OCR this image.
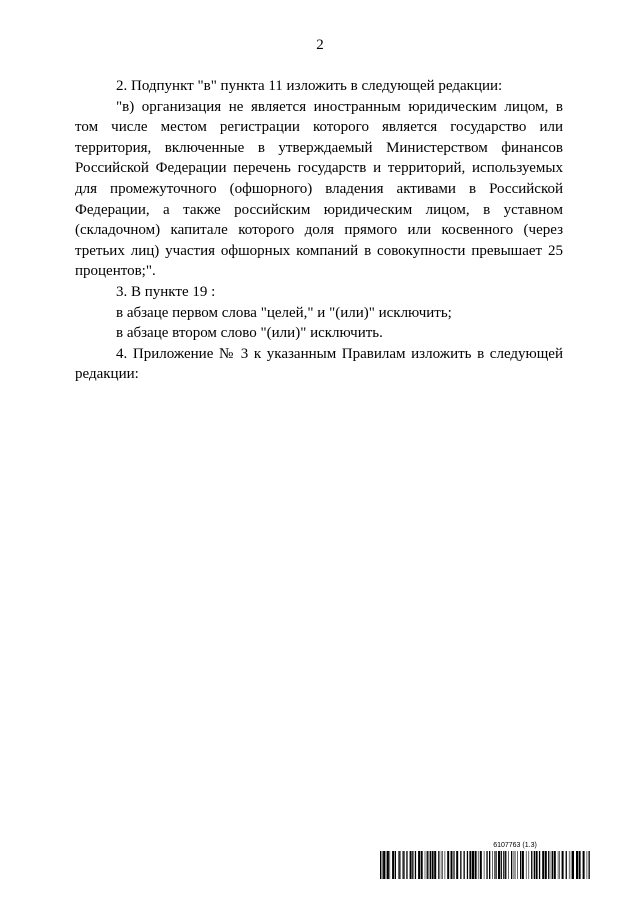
2

2. Подпункт "в" пункта 11 изложить в следующей редакции:

"в) организация не является иностранным юридическим лицом, в том числе местом регистрации которого является государство или территория, включенные в утверждаемый Министерством финансов Российской Федерации перечень государств и территорий, используемых для промежуточного (офшорного) владения активами в Российской Федерации, а также российским юридическим лицом, в уставном (складочном) капитале которого доля прямого или косвенного (через третьих лиц) участия офшорных компаний в совокупности превышает 25 процентов;".

3. В пункте 19 :

в абзаце первом слова "целей," и "(или)" исключить;

в абзаце втором слово "(или)" исключить.

4. Приложение № 3 к указанным Правилам изложить в следующей редакции:

6107763 (1.3)
